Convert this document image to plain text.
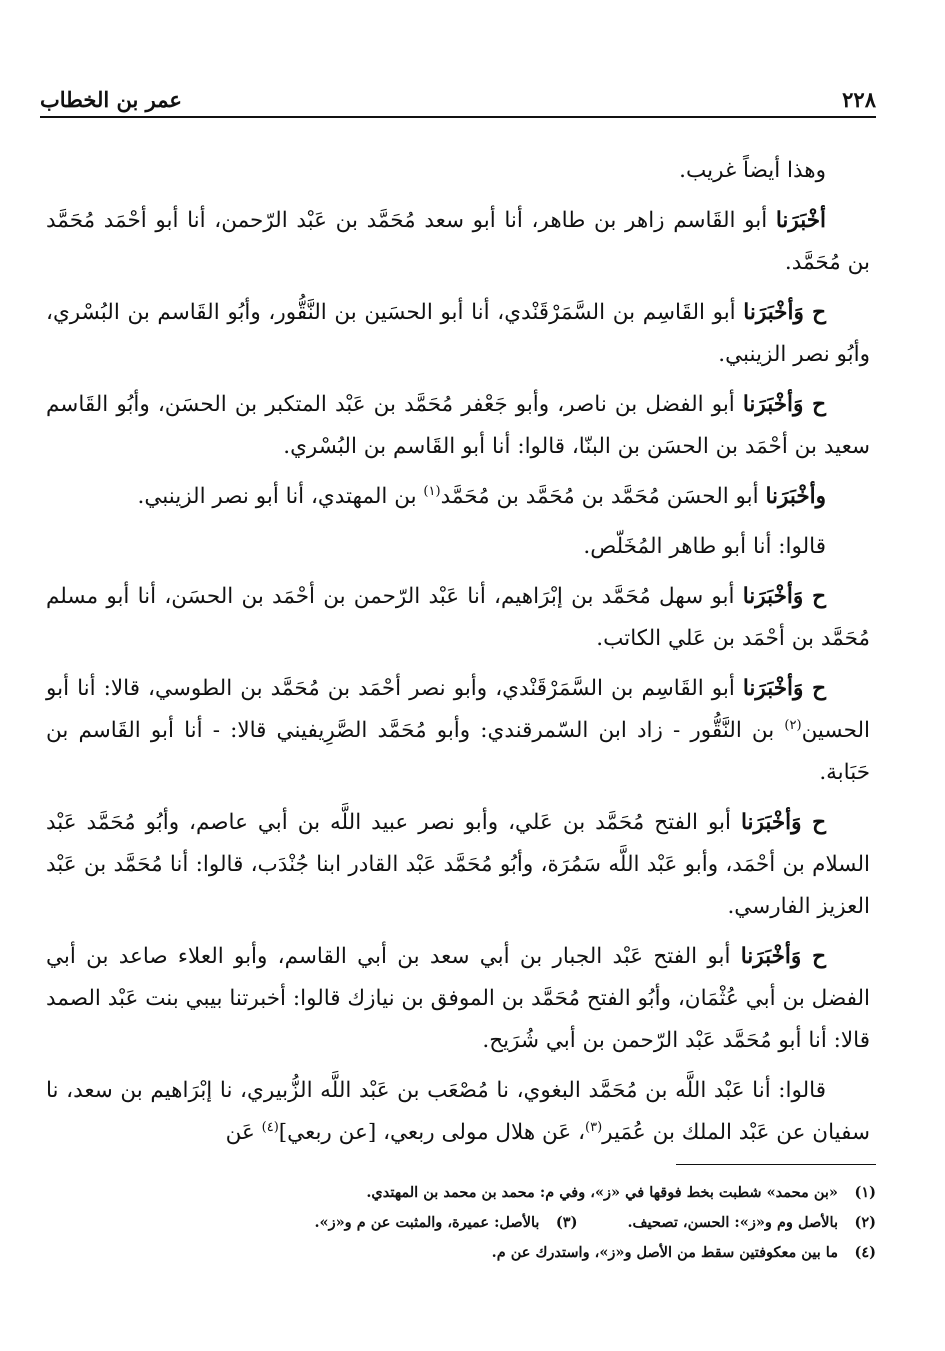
٢٢٨
عمر بن الخطاب

وهذا أيضاً غريب.

أخْبَرَنا أبو القَاسم زاهر بن طاهر، أنا أبو سعد مُحَمَّد بن عَبْد الرّحمن، أنا أبو أحْمَد مُحَمَّد بن مُحَمَّد.

ح وَأخْبَرَنا أبو القَاسِم بن السَّمَرْقَنْدي، أنا أبو الحسَين بن النَّقُّور، وأبُو القَاسم بن البُسْري، وأبُو نصر الزينبي.

ح وَأخْبَرَنا أبو الفضل بن ناصر، وأبو جَعْفر مُحَمَّد بن عَبْد المتكبر بن الحسَن، وأبُو القَاسم سعيد بن أحْمَد بن الحسَن بن البنّا، قالوا: أنا أبو القَاسم بن البُسْري.

وأخْبَرَنا أبو الحسَن مُحَمَّد بن مُحَمَّد بن مُحَمَّد$^{(١)}$ بن المهتدي، أنا أبو نصر الزينبي.

قالوا: أنا أبو طاهر المُخَلّص.

ح وَأخْبَرَنا أبو سهل مُحَمَّد بن إبْرَاهيم، أنا عَبْد الرّحمن بن أحْمَد بن الحسَن، أنا أبو مسلم مُحَمَّد بن أحْمَد بن عَلي الكاتب.

ح وَأخْبَرَنا أبو القَاسِم بن السَّمَرْقَنْدي، وأبو نصر أحْمَد بن مُحَمَّد بن الطوسي، قالا: أنا أبو الحسين$^{(٢)}$ بن النَّقُّور - زاد ابن السّمرقندي: وأبو مُحَمَّد الصَّرِيفيني قالا: - أنا أبو القَاسم بن حَبَابة.

ح وَأخْبَرَنا أبو الفتح مُحَمَّد بن عَلي، وأبو نصر عبيد اللَّه بن أبي عاصم، وأبُو مُحَمَّد عَبْد السلام بن أحْمَد، وأبو عَبْد اللَّه سَمُرَة، وأبُو مُحَمَّد عَبْد القادر ابنا جُنْدَب، قالوا: أنا مُحَمَّد بن عَبْد العزيز الفارسي.

ح وَأخْبَرَنا أبو الفتح عَبْد الجبار بن أبي سعد بن أبي القاسم، وأبو العلاء صاعد بن أبي الفضل بن أبي عُثْمَان، وأبُو الفتح مُحَمَّد بن الموفق بن نيازك قالوا: أخبرتنا بيبي بنت عَبْد الصمد قالا: أنا أبو مُحَمَّد عَبْد الرّحمن بن أبي شُرَيح.

قالوا: أنا عَبْد اللَّه بن مُحَمَّد البغوي، نا مُصْعَب بن عَبْد اللَّه الزُّبيري، نا إبْرَاهيم بن سعد، نا سفيان عن عَبْد الملك بن عُمَير$^{(٣)}$، عَن هلال مولى ربعي، [عن ربعي]$^{(٤)}$ عَن

(١)
«بن محمد» شطبت بخط فوقها في «ز»، وفي م: محمد بن محمد بن المهتدي.
(٢)
بالأصل وم و«ز»: الحسن، تصحيف.
(٣)
بالأصل: عميرة، والمثبت عن م و«ز».
(٤)
ما بين معكوفتين سقط من الأصل و«ز»، واستدرك عن م.
